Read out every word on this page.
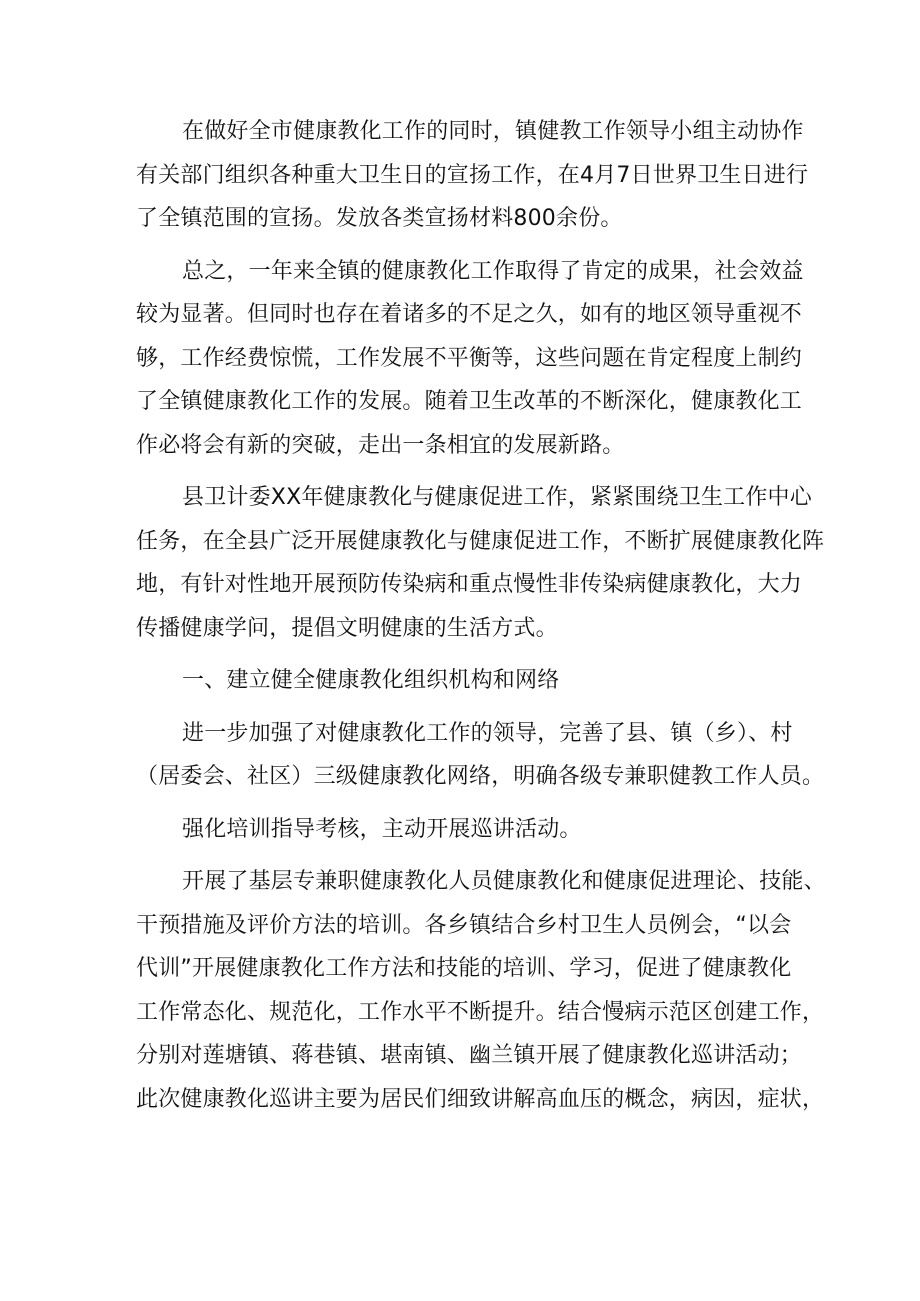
在做好全市健康教化工作的同时，镇健教工作领导小组主动协作
有关部门组织各种重大卫生日的宣扬工作，在4月7日世界卫生日进行
了全镇范围的宣扬。发放各类宣扬材料800余份。
总之，一年来全镇的健康教化工作取得了肯定的成果，社会效益
较为显著。但同时也存在着诸多的不足之久，如有的地区领导重视不
够，工作经费惊慌，工作发展不平衡等，这些问题在肯定程度上制约
了全镇健康教化工作的发展。随着卫生改革的不断深化，健康教化工
作必将会有新的突破，走出一条相宜的发展新路。
县卫计委XX年健康教化与健康促进工作，紧紧围绕卫生工作中心
任务，在全县广泛开展健康教化与健康促进工作，不断扩展健康教化阵
地，有针对性地开展预防传染病和重点慢性非传染病健康教化，大力
传播健康学问，提倡文明健康的生活方式。
一、建立健全健康教化组织机构和网络
进一步加强了对健康教化工作的领导，完善了县、镇（乡）、村
（居委会、社区）三级健康教化网络，明确各级专兼职健教工作人员。
强化培训指导考核，主动开展巡讲活动。
开展了基层专兼职健康教化人员健康教化和健康促进理论、技能、
干预措施及评价方法的培训。各乡镇结合乡村卫生人员例会，“以会
代训”开展健康教化工作方法和技能的培训、学习，促进了健康教化
工作常态化、规范化，工作水平不断提升。结合慢病示范区创建工作，
分别对莲塘镇、蒋巷镇、堪南镇、幽兰镇开展了健康教化巡讲活动；
此次健康教化巡讲主要为居民们细致讲解高血压的概念，病因，症状，
